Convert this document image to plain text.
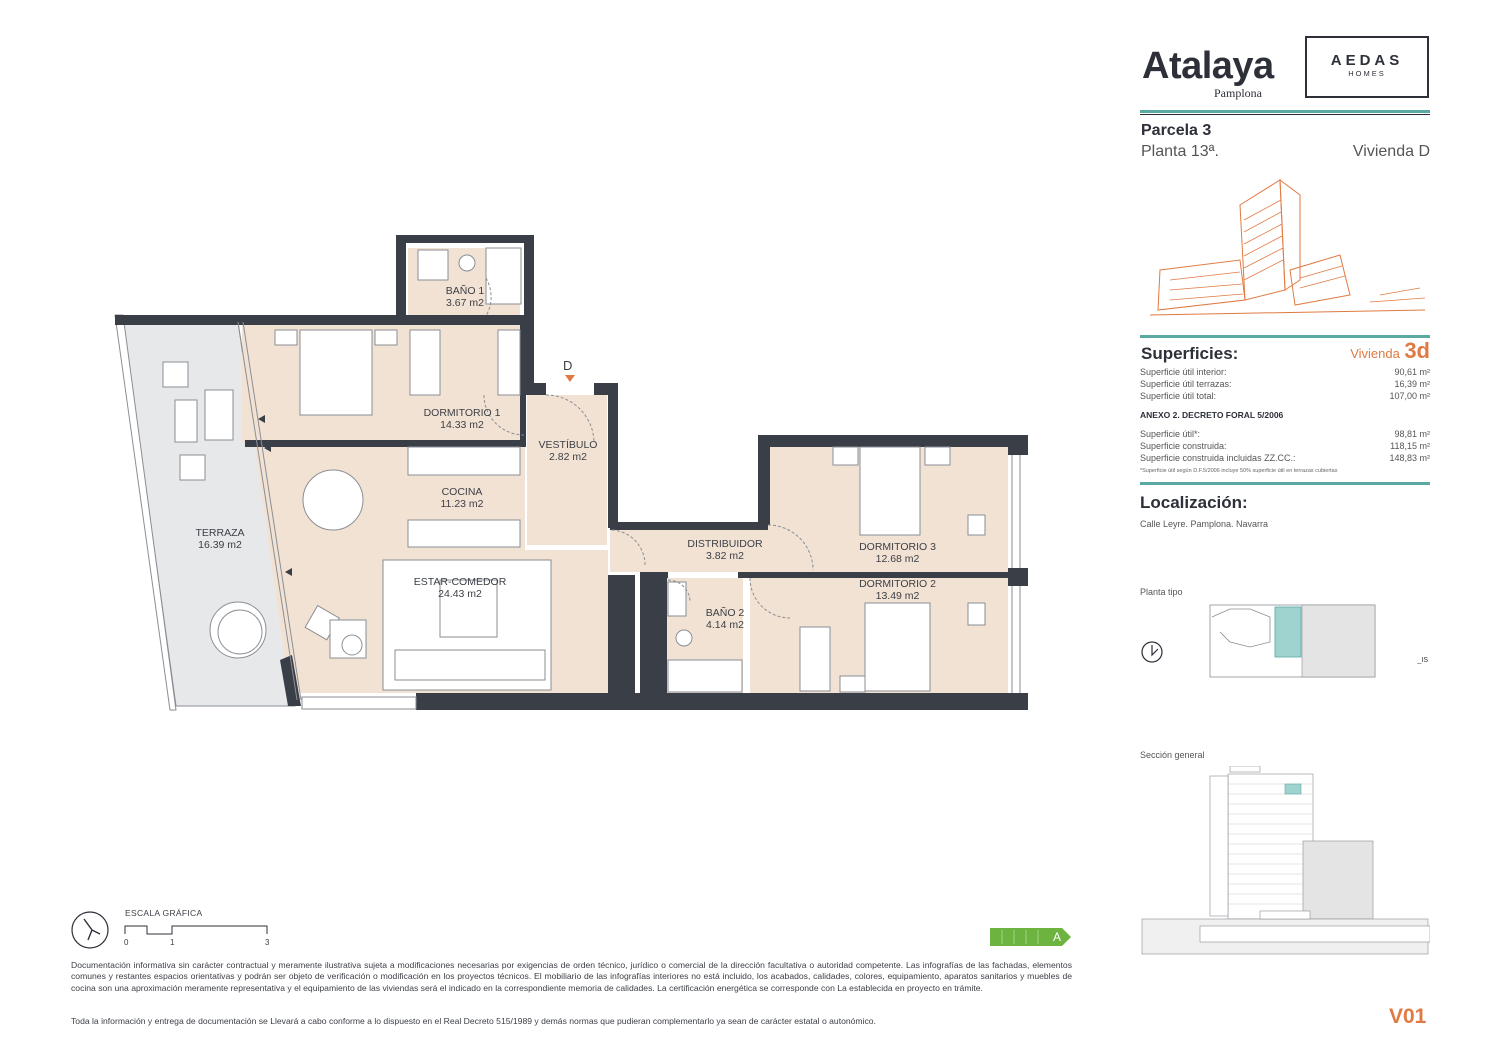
D
BAÑO 1
3.67 m2
DORMITORIO 1
14.33 m2
VESTÍBULO
2.82 m2
COCINA
11.23 m2
TERRAZA
16.39 m2
ESTAR-COMEDOR
24.43 m2
DISTRIBUIDOR
3.82 m2
DORMITORIO 3
12.68 m2
DORMITORIO 2
13.49 m2
BAÑO 2
4.14 m2
Atalaya
Pamplona
AEDAS
HOMES
Parcela 3
Planta 13ª.	Vivienda D
Superficies:	Vivienda 3d
Superficie útil interior:	90,61 m²
Superficie útil terrazas:	16,39 m²
Superficie útil total:	107,00 m²
ANEXO 2. DECRETO FORAL 5/2006
Superficie útil*:	98,81 m²
Superficie construida:	118,15 m²
Superficie construida incluidas ZZ.CC.:	148,83 m²
*Superficie útil según D.F.5/2006 incluye 50% superficie útil en terrazas cubiertas
Localización:
Calle Leyre. Pamplona. Navarra
Planta tipo
_IS
Sección general
V01
ESCALA GRÁFICA
0	1	3	A
Documentación informativa sin carácter contractual y meramente ilustrativa sujeta a modificaciones necesarias por exigencias de orden técnico, jurídico o comercial de la dirección facultativa o autoridad competente. Las infografías de las fachadas, elementos comunes y restantes espacios orientativas y podrán ser objeto de verificación o modificación en los proyectos técnicos. El mobiliario de las infografías interiores no está incluido, los acabados, calidades, colores, equipamiento, aparatos sanitarios y muebles de cocina son una aproximación meramente representativa y el equipamiento de las viviendas será el indicado en la correspondiente memoria de calidades. La certificación energética se corresponde con La establecida en proyecto en trámite.
Toda la información y entrega de documentación se Llevará a cabo conforme a lo dispuesto en el Real Decreto 515/1989 y demás normas que pudieran complementarlo ya sean de carácter estatal o autonómico.
